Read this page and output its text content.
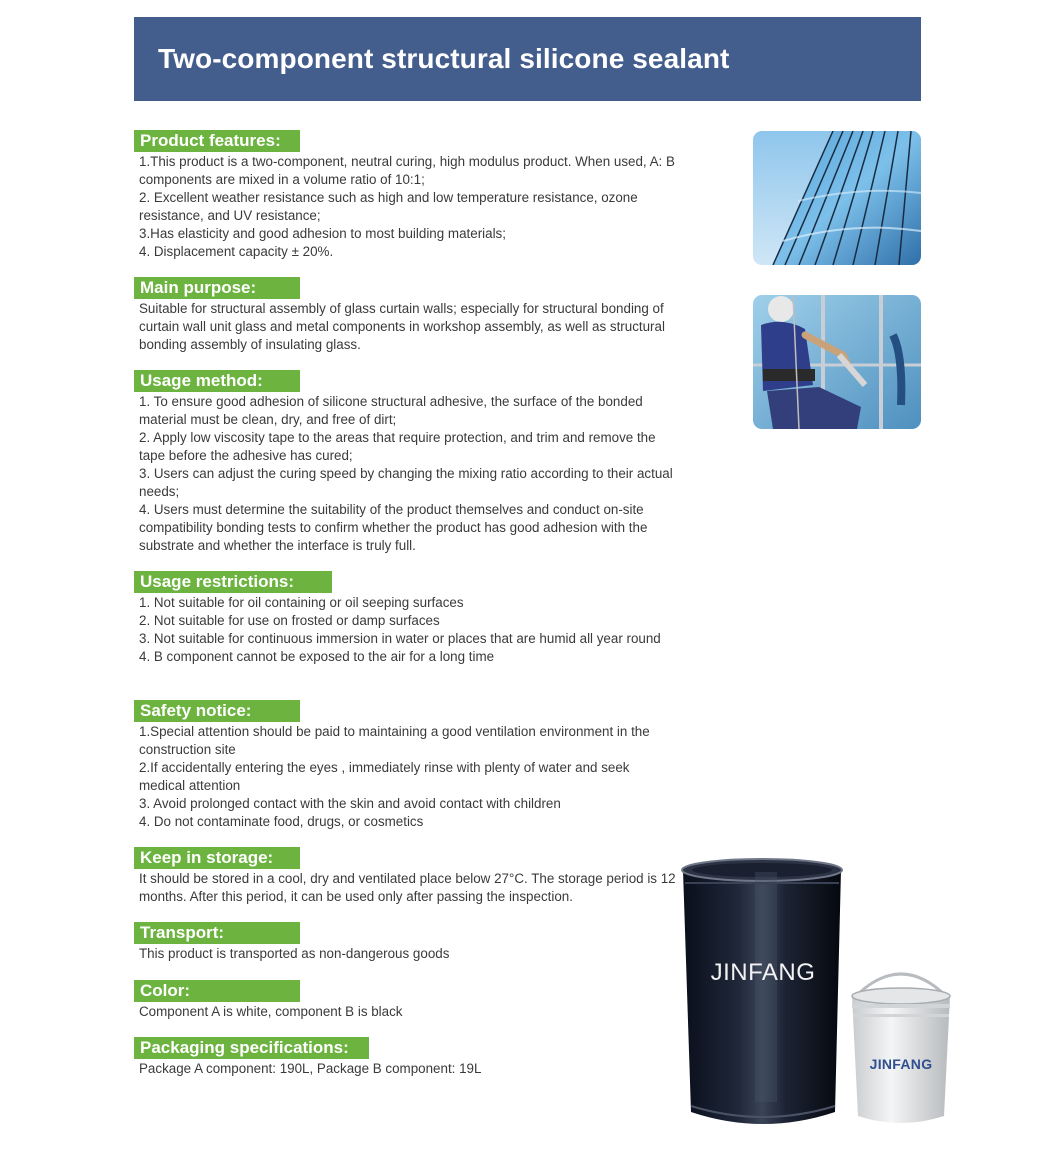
Two-component structural silicone sealant
Product features:
1.This product is a two-component, neutral curing, high modulus product. When used, A: B components are mixed in a volume ratio of 10:1;
2. Excellent weather resistance such as high and low temperature resistance, ozone resistance, and UV resistance;
3.Has elasticity and good adhesion to most building materials;
4. Displacement capacity ± 20%.
Main purpose:
Suitable for structural assembly of glass curtain walls; especially for structural bonding of curtain wall unit glass and metal components in workshop assembly, as well as structural bonding assembly of insulating glass.
Usage method:
1. To ensure good adhesion of silicone structural adhesive, the surface of the bonded material must be clean, dry, and free of dirt;
2. Apply low viscosity tape to the areas that require protection, and trim and remove the tape before the adhesive has cured;
3. Users can adjust the curing speed by changing the mixing ratio according to their actual needs;
4. Users must determine the suitability of the product themselves and conduct on-site compatibility bonding tests to confirm whether the product has good adhesion with the substrate and whether the interface is truly full.
Usage restrictions:
1. Not suitable for oil containing or oil seeping surfaces
2. Not suitable for use on frosted or damp surfaces
3. Not suitable for continuous immersion in water or places that are humid all year round
4. B component cannot be exposed to the air for a long time
Safety notice:
1.Special attention should be paid to maintaining a good ventilation environment in the construction site
2.If accidentally entering the eyes , immediately rinse with plenty of water and seek medical attention
3. Avoid prolonged contact with the skin and avoid contact with children
4. Do not contaminate food, drugs, or cosmetics
Keep in storage:
It should be stored in a cool, dry and ventilated place below 27°C. The storage period is 12 months. After this period, it can be used only after passing the inspection.
Transport:
This product is transported as non-dangerous goods
Color:
Component A is white, component B is black
Packaging specifications:
Package A component: 190L, Package B component: 19L
JINFANG
JINFANG
